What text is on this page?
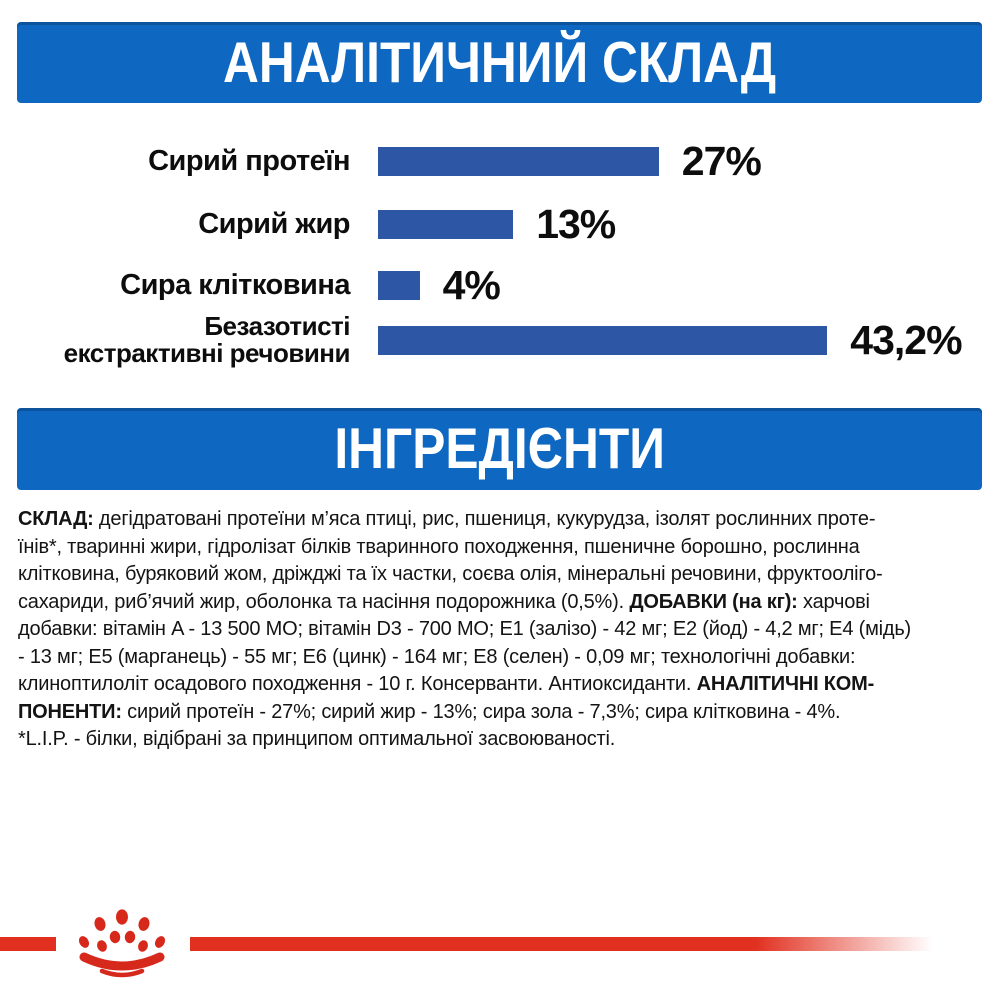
АНАЛІТИЧНИЙ СКЛАД
Сирий протеїн	27%
Сирий жир	13%
Сира клітковина 4%
Безазотисті
екстрактивні речовини	43,2%
ІНГРЕДІЄНТИ
СКЛАД: дегідратовані протеїни м’яса птиці, рис, пшениця, кукурудза, ізолят рослинних проте-
їнів*, тваринні жири, гідролізат білків тваринного походження, пшеничне борошно, рослинна
клітковина, буряковий жом, дріжджі та їх частки, соєва олія, мінеральні речовини, фруктооліго-
сахариди, риб’ячий жир, оболонка та насіння подорожника (0,5%). ДОБАВКИ (на кг): харчові
добавки: вітамін A - 13 500 МО; вітамін D3 - 700 МО; E1 (залізо) - 42 мг; E2 (йод) - 4,2 мг; E4 (мідь)
- 13 мг; E5 (марганець) - 55 мг; E6 (цинк) - 164 мг; E8 (селен) - 0,09 мг; технологічні добавки:
клиноптилоліт осадового походження - 10 г. Консерванти. Антиоксиданти. АНАЛІТИЧНІ КОМ-
ПОНЕНТИ: сирий протеїн - 27%; сирий жир - 13%; сира зола - 7,3%; сира клітковина - 4%.
*L.I.P. - білки, відібрані за принципом оптимальної засвоюваності.
